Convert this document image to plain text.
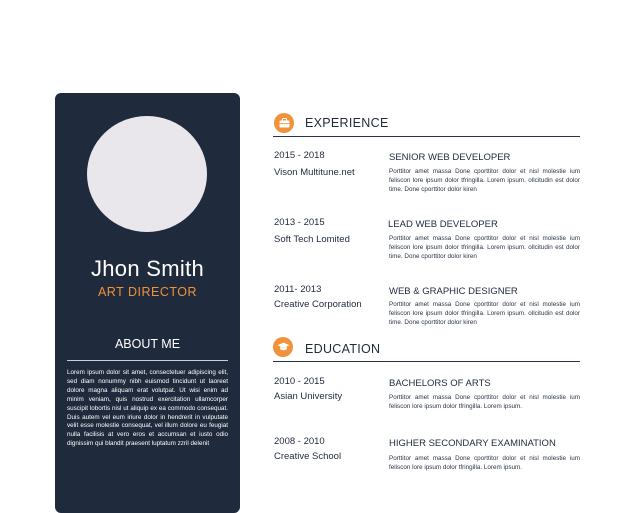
Jhon Smith
ART DIRECTOR
ABOUT ME
Lorem ipsum dolor sit amet, consectetuer adipiscing elit, sed diam nonummy nibh euismod tincidunt ut laoreet dolore magna aliquam erat volutpat. Ut wisi enim ad minim veniam, quis nostrud exercitation ullamcorper suscipit lobortis nisl ut aliquip ex ea commodo consequat. Duis autem vel eum iriure dolor in hendrerit in vulputate velit esse molestie consequat, vel illum dolore eu feugiat nulla facilisis at vero eros et accumsan et iusto odio dignissim qui blandit praesent luptatum zzril delenit
EXPERIENCE
2015 - 2018
Vison Multitune.net
SENIOR WEB DEVELOPER
Porttitor amet massa Done cporttitor dolor et nisl molestie ium feliscon lore ipsum dolor tfringilla. Lorem ipsum. ollcitudin est dolor time. Done cporttitor dolor kiren
2013 - 2015
Soft Tech Lomited
LEAD WEB DEVELOPER
Porttitor amet massa Done cporttitor dolor et nisl molestie ium feliscon lore ipsum dolor tfringilla. Lorem ipsum. ollcitudin est dolor time. Done cporttitor dolor kiren
2011- 2013
Creative Corporation
WEB & GRAPHIC DESIGNER
Porttitor amet massa Done cporttitor dolor et nisl molestie ium feliscon lore ipsum dolor tfringilla. Lorem ipsum. ollcitudin est dolor time. Done cporttitor dolor kiren
EDUCATION
2010 - 2015
Asian University
BACHELORS OF ARTS
Porttitor amet massa Done cporttitor dolor et nisl molestie ium feliscon lore ipsum dolor tfringilla. Lorem ipsum.
2008 - 2010
Creative School
HIGHER SECONDARY EXAMINATION
Porttitor amet massa Done cporttitor dolor et nisl molestie ium feliscon lore ipsum dolor tfringilla. Lorem ipsum.
